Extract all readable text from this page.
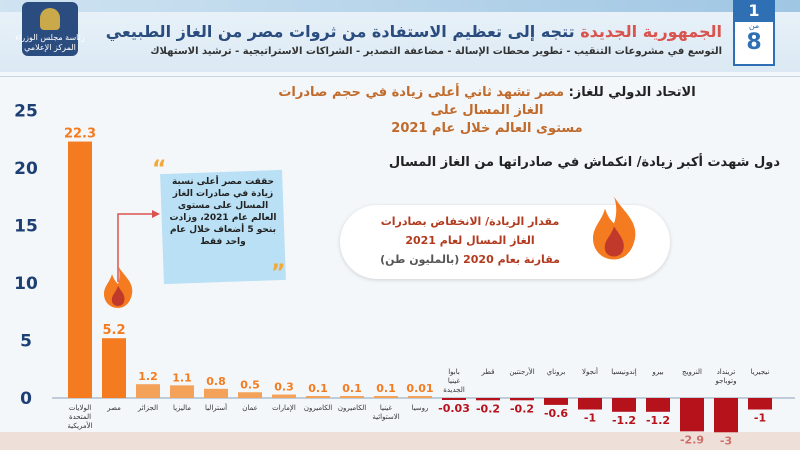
رئاسة مجلس الوزراء
المركز الإعلامي
1
من
8
الجمهورية الجديدة تتجه إلى تعظيم الاستفادة من ثروات مصر من الغاز الطبيعي
التوسع في مشروعات التنقيب - تطوير محطات الإسالة - مضاعفة التصدير - الشراكات الاستراتيجية - ترشيد الاستهلاك
الاتحاد الدولي للغاز: مصر تشهد ثاني أعلى زيادة في حجم صادرات الغاز المسال على
مستوى العالم خلال عام 2021
دول شهدت أكبر زيادة/ انكماش في صادراتها من الغاز المسال
0
5
10
15
20
25
22.3
الولايات المتحدة الأمريكية
5.2
مصر
1.2
الجزائر
1.1
ماليزيا
0.8
أستراليا
0.5
عمان
0.3
الإمارات
0.1
الكاميرون
0.1
الكاميرون
0.1
غينيا الاستوائية
0.01
روسيا -0.03
بابوا غينيا الجديدة
-0.2
قطر
-0.2
الأرجنتين
-0.6
بروناي
-1
أنجولا
-1.2
إندونيسيا
-1.2
بيرو	النرويج	ترينداد وتوباجو
-1
نيجيريا
“
”
حققت مصر أعلى نسبة زيادة في صادرات الغاز المسال على مستوى العالم عام 2021، وزادت بنحو 5 أضعاف خلال عام واحد فقط
مقدار الزيادة/ الانخفاض بصادرات
الغاز المسال لعام 2021
مقارنة بعام 2020 (بالمليون طن)
